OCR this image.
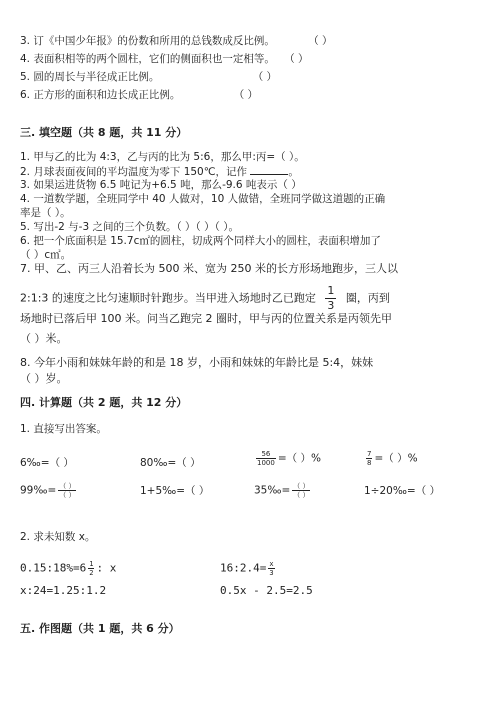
3. 订《中国少年报》的份数和所用的总钱数成反比例。	（ ）
4. 表面积相等的两个圆柱，它们的侧面积也一定相等。 （ ）
5. 圆的周长与半径成正比例。	（ ）
6. 正方形的面积和边长成正比例。	（ ）
三. 填空题（共 8 题，共 11 分）
1. 甲与乙的比为 4:3，乙与丙的比为 5:6，那么甲:丙=（ ）。
2. 月球表面夜间的平均温度为零下 150℃，记作	。
3. 如果运进货物 6.5 吨记为+6.5 吨，那么-9.6 吨表示（ ）
4. 一道数学题，全班同学中 40 人做对，10 人做错，全班同学做这道题的正确
率是（ ）。
5. 写出-2 与-3 之间的三个负数。（ ）（ ）（ ）。
6. 把一个底面积是 15.7c㎡的圆柱，切成两个同样大小的圆柱，表面积增加了
（ ）c㎡。
7. 甲、乙、丙三人沿着长为 500 米、宽为 250 米的长方形场地跑步，三人以
2:1:3 的速度之比匀速顺时针跑步。当甲进入场地时乙已跑定 $\frac{1}{3}$ 圈，丙到
场地时已落后甲 100 米。问当乙跑完 2 圈时，甲与丙的位置关系是丙领先甲
（ ）米。
8. 今年小雨和妹妹年龄的和是 18 岁，小雨和妹妹的年龄比是 5:4，妹妹
（ ）岁。
四. 计算题（共 2 题，共 12 分）
1. 直接写出答案。
6‰=（ ）	80‰=（ ）	$\frac{56}{1000}$ =（ ）%	$\frac{7}{8}$ =（ ）%
99‰= $\frac{( )}{( )}$	1+5‰=（ ）	35‰= $\frac{( )}{( )}$	1÷20‰=（ ）
2. 求未知数 x。
0.15:18%=6 $\frac{1}{2}$ : x	16:2.4= $\frac{x}{3}$
x:24=1.25:1.2	0.5x - 2.5=2.5
五. 作图题（共 1 题，共 6 分）
